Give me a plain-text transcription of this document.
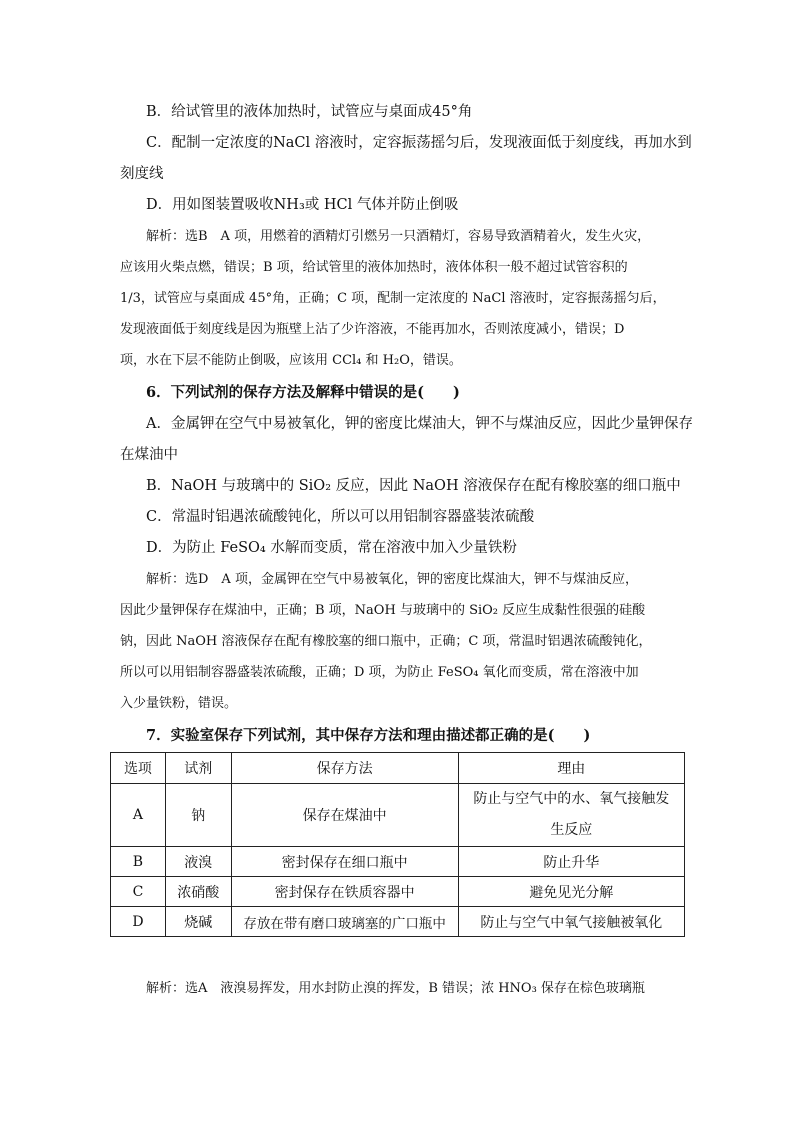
B．给试管里的液体加热时，试管应与桌面成45°角
C．配制一定浓度的NaCl 溶液时，定容振荡摇匀后，发现液面低于刻度线，再加水到
刻度线
D．用如图装置吸收NH₃或 HCl 气体并防止倒吸
解析：选B　A 项，用燃着的酒精灯引燃另一只酒精灯，容易导致酒精着火，发生火灾，
应该用火柴点燃，错误；B 项，给试管里的液体加热时，液体体积一般不超过试管容积的
1/3，试管应与桌面成 45°角，正确；C 项，配制一定浓度的 NaCl 溶液时，定容振荡摇匀后，
发现液面低于刻度线是因为瓶壁上沾了少许溶液，不能再加水，否则浓度减小，错误；D
项，水在下层不能防止倒吸，应该用 CCl₄ 和 H₂O，错误。
6．下列试剂的保存方法及解释中错误的是(　　)
A．金属钾在空气中易被氧化，钾的密度比煤油大，钾不与煤油反应，因此少量钾保存
在煤油中
B．NaOH 与玻璃中的 SiO₂ 反应，因此 NaOH 溶液保存在配有橡胶塞的细口瓶中
C．常温时铝遇浓硫酸钝化，所以可以用铝制容器盛装浓硫酸
D．为防止 FeSO₄ 水解而变质，常在溶液中加入少量铁粉
解析：选D　A 项，金属钾在空气中易被氧化，钾的密度比煤油大，钾不与煤油反应，
因此少量钾保存在煤油中，正确；B 项，NaOH 与玻璃中的 SiO₂ 反应生成黏性很强的硅酸
钠，因此 NaOH 溶液保存在配有橡胶塞的细口瓶中，正确；C 项，常温时铝遇浓硫酸钝化，
所以可以用铝制容器盛装浓硫酸，正确；D 项，为防止 FeSO₄ 氧化而变质，常在溶液中加
入少量铁粉，错误。
7．实验室保存下列试剂，其中保存方法和理由描述都正确的是(　　)
选项	试剂	保存方法	理由
A	钠	保存在煤油中	防止与空气中的水、氧气接触发生反应
B	液溴	密封保存在细口瓶中	防止升华
C	浓硝酸	密封保存在铁质容器中	避免见光分解
D	烧碱	存放在带有磨口玻璃塞的广口瓶中	防止与空气中氧气接触被氧化
解析：选A　液溴易挥发，用水封防止溴的挥发，B 错误；浓 HNO₃ 保存在棕色玻璃瓶
